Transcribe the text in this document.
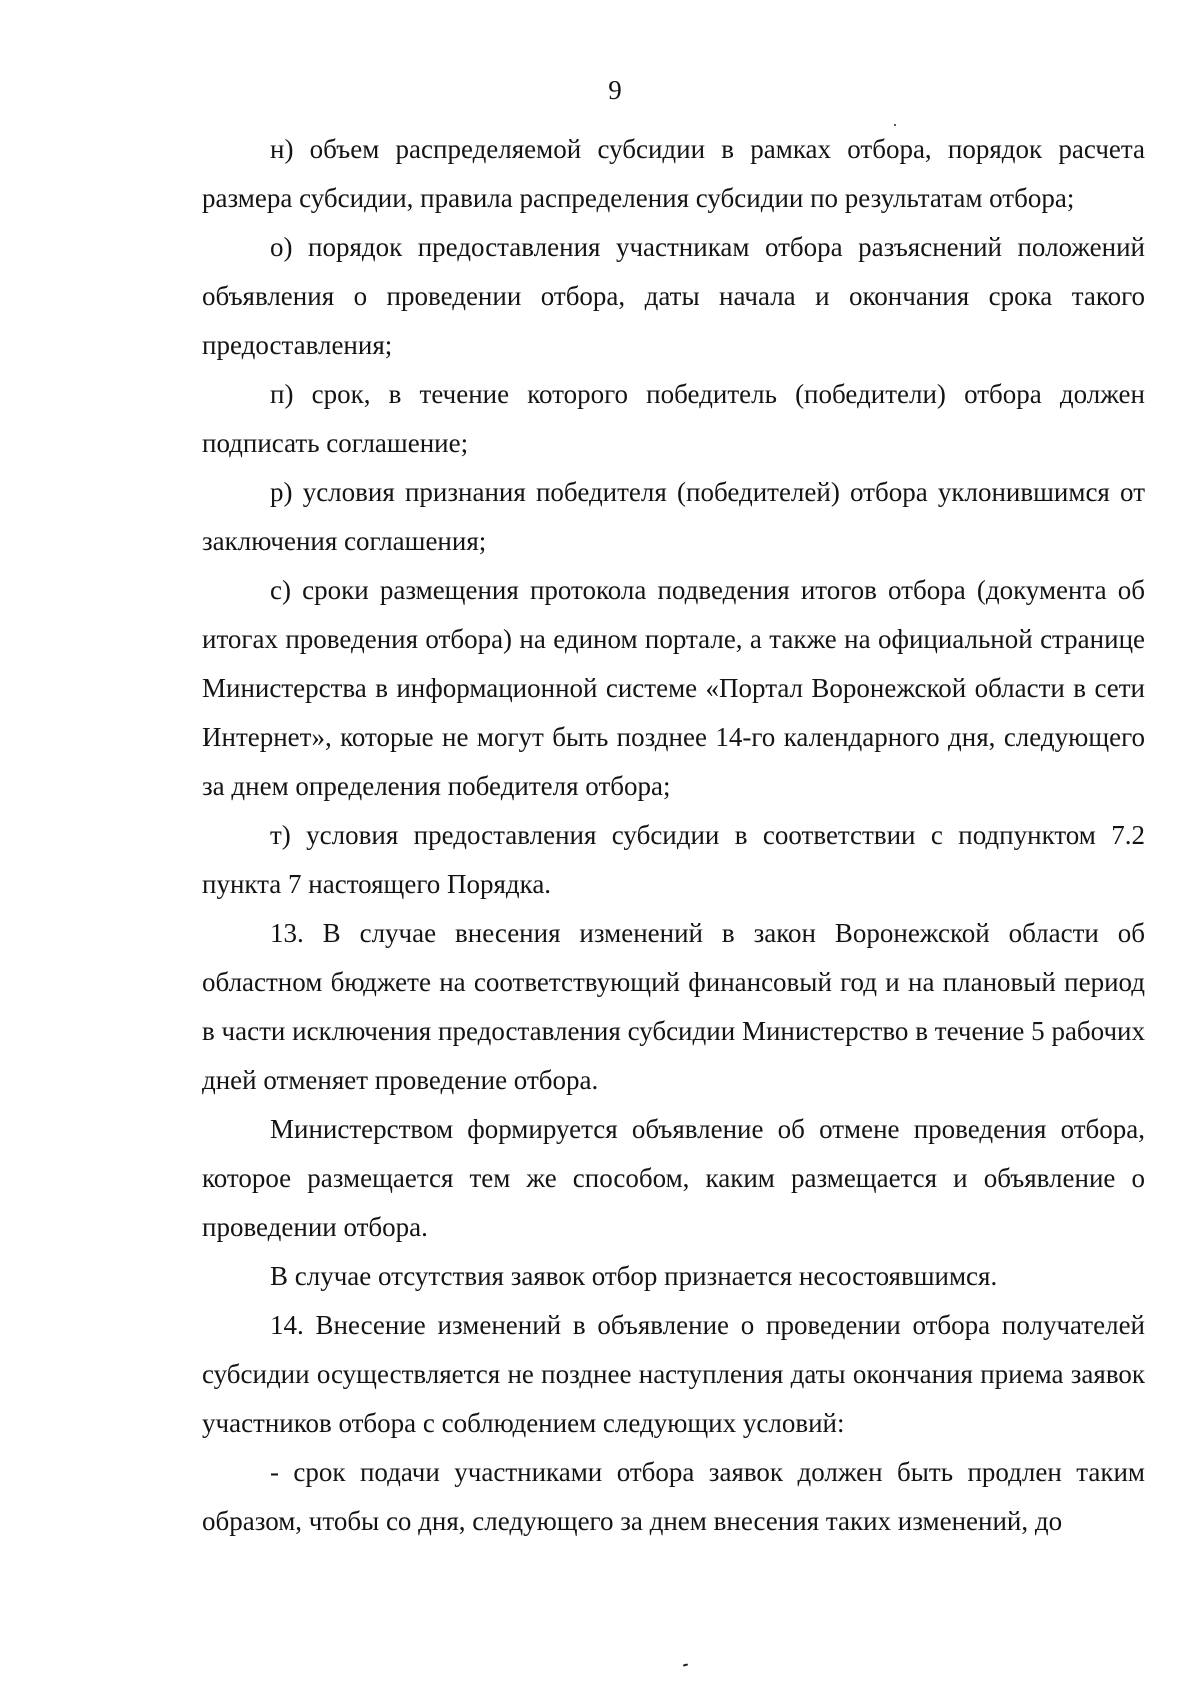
9

н) объем распределяемой субсидии в рамках отбора, порядок расчета размера субсидии, правила распределения субсидии по результатам отбора;

о) порядок предоставления участникам отбора разъяснений положений объявления о проведении отбора, даты начала и окончания срока такого предоставления;

п) срок, в течение которого победитель (победители) отбора должен подписать соглашение;

р) условия признания победителя (победителей) отбора уклонившимся от заключения соглашения;

с) сроки размещения протокола подведения итогов отбора (документа об итогах проведения отбора) на едином портале, а также на официальной странице Министерства в информационной системе «Портал Воронежской области в сети Интернет», которые не могут быть позднее 14-го календарного дня, следующего за днем определения победителя отбора;

т) условия предоставления субсидии в соответствии с подпунктом 7.2 пункта 7 настоящего Порядка.

13. В случае внесения изменений в закон Воронежской области об областном бюджете на соответствующий финансовый год и на плановый период в части исключения предоставления субсидии Министерство в течение 5 рабочих дней отменяет проведение отбора.

Министерством формируется объявление об отмене проведения отбора, которое размещается тем же способом, каким размещается и объявление о проведении отбора.

В случае отсутствия заявок отбор признается несостоявшимся.

14. Внесение изменений в объявление о проведении отбора получателей субсидии осуществляется не позднее наступления даты окончания приема заявок участников отбора с соблюдением следующих условий:

- срок подачи участниками отбора заявок должен быть продлен таким образом, чтобы со дня, следующего за днем внесения таких изменений, до
